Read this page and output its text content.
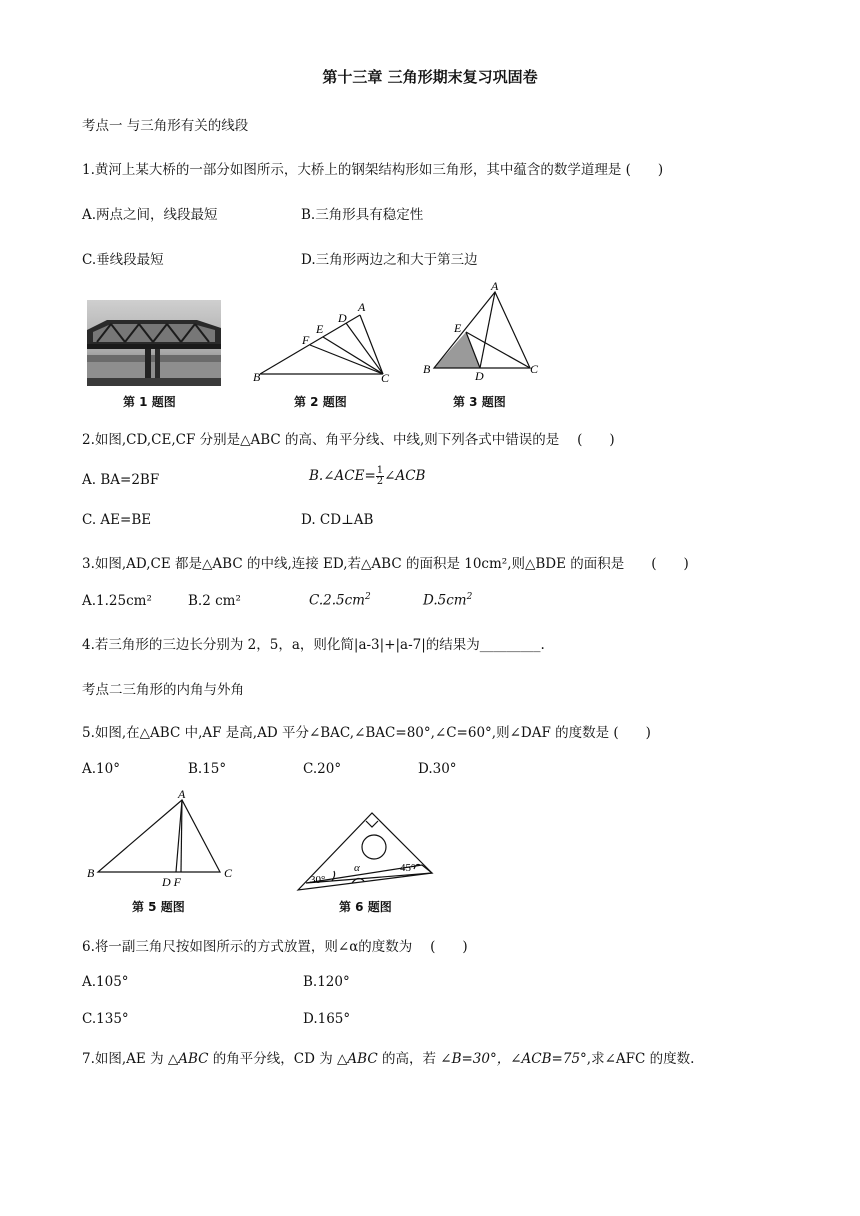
第十三章 三角形期末复习巩固卷
考点一 与三角形有关的线段
1.黄河上某大桥的一部分如图所示，大桥上的钢架结构形如三角形，其中蕴含的数学道理是 (　　)
A.两点之间，线段最短	B.三角形具有稳定性
C.垂线段最短	D.三角形两边之和大于第三边
A
B	C
D
E
F
A
B	C
D
E
第 1 题图	第 2 题图	第 3 题图
2.如图,CD,CE,CF 分别是△ABC 的高、角平分线、中线,则下列各式中错误的是　 (　　)
A. BA=2BF	B.∠ACE= $\frac{1}{2}$ ∠ACB
C. AE=BE	D. CD⊥AB
3.如图,AD,CE 都是△ABC 的中线,连接 ED,若△ABC 的面积是 10cm²,则△BDE 的面积是　　(　　)
A.1.25cm²	B.2 cm²	$C.2.5cm^2$	$D.5cm^2$
4.若三角形的三边长分别为 2，5，a，则化简|a-3|+|a-7|的结果为_________.
考点二三角形的内角与外角
5.如图,在△ABC 中,AF 是高,AD 平分∠BAC,∠BAC=80°,∠C=60°,则∠DAF 的度数是 (　　)
A.10°	B.15°	C.20°	D.30°
A
B	C
D F	30°
45°
α
第 5 题图	第 6 题图
6.将一副三角尺按如图所示的方式放置，则∠α的度数为　 (　　)
A.105°	B.120°
C.135°	D.165°
7.如图,AE 为 △ABC 的角平分线，CD 为 △ABC 的高，若 ∠B=30°，∠ACB=75°,求∠AFC 的度数.
